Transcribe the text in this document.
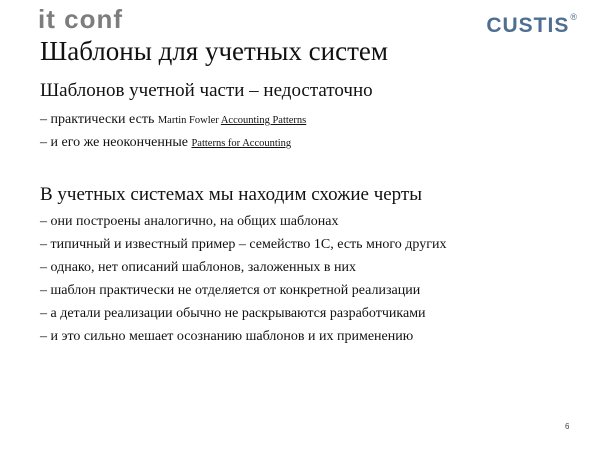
it conf	CUSTIS®
Шаблоны для учетных систем
Шаблонов учетной части – недостаточно

– практически есть Martin Fowler Accounting Patterns

– и его же неоконченные Patterns for Accounting

В учетных системах мы находим схожие черты

– они построены аналогично, на общих шаблонах

– типичный и известный пример – семейство 1С, есть много других

– однако, нет описаний шаблонов, заложенных в них

– шаблон практически не отделяется от конкретной реализации

– а детали реализации обычно не раскрываются разработчиками

– и это сильно мешает осознанию шаблонов и их применению

6
